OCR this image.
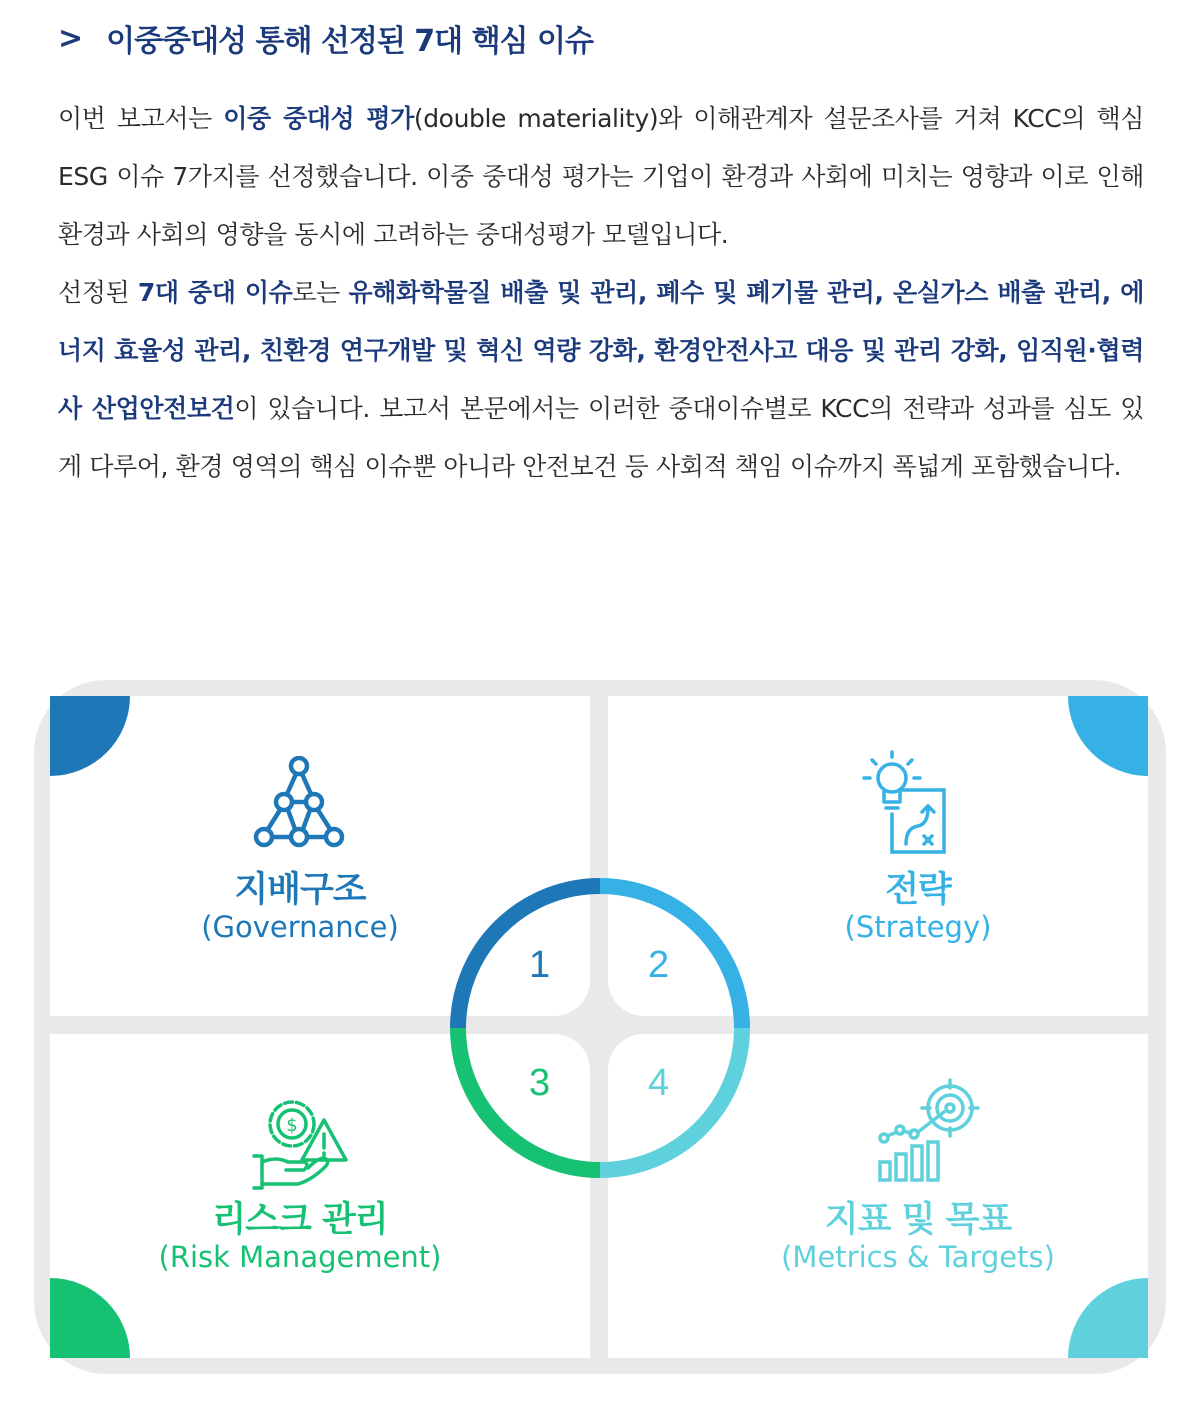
> 이중중대성 통해 선정된 7대 핵심 이슈
이번 보고서는 이중 중대성 평가(double materiality)와 이해관계자 설문조사를 거쳐 KCC의 핵심 ESG 이슈 7가지를 선정했습니다. 이중 중대성 평가는 기업이 환경과 사회에 미치는 영향과 이로 인해 환경과 사회의 영향을 동시에 고려하는 중대성평가 모델입니다.
선정된 7대 중대 이슈로는 유해화학물질 배출 및 관리, 폐수 및 폐기물 관리, 온실가스 배출 관리, 에너지 효율성 관리, 친환경 연구개발 및 혁신 역량 강화, 환경안전사고 대응 및 관리 강화, 임직원·협력사 산업안전보건이 있습니다. 보고서 본문에서는 이러한 중대이슈별로 KCC의 전략과 성과를 심도 있게 다루어, 환경 영역의 핵심 이슈뿐 아니라 안전보건 등 사회적 책임 이슈까지 폭넓게 포함했습니다.
지배구조
(Governance)
전략
(Strategy)
$
리스크 관리
(Risk Management)
지표 및 목표
(Metrics & Targets)
1	2
3	4
